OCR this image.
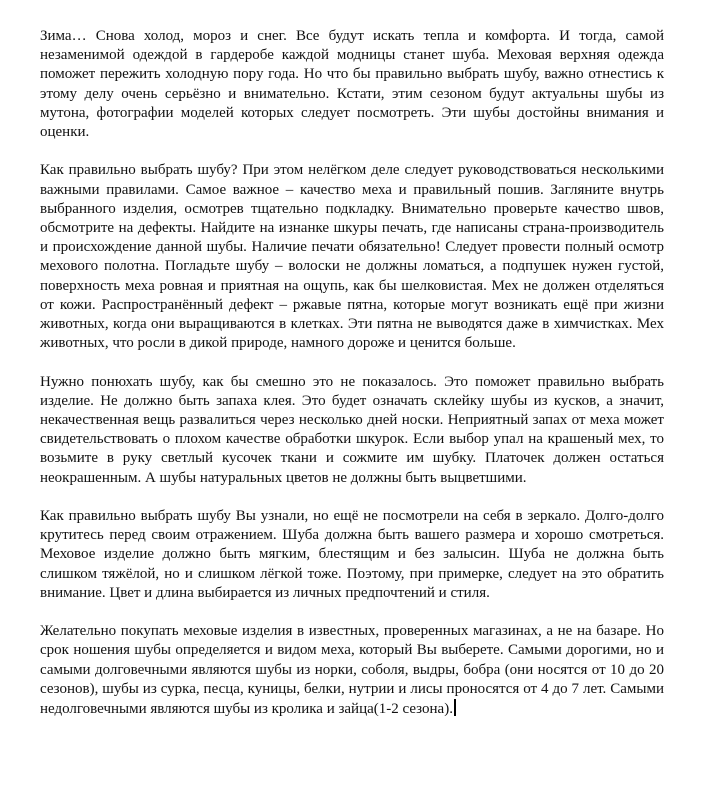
Зима… Снова холод, мороз и снег. Все будут искать тепла и комфорта. И тогда, самой незаменимой одеждой в гардеробе каждой модницы станет шуба. Меховая верхняя одежда поможет пережить холодную пору года. Но что бы правильно выбрать шубу, важно отнестись к этому делу очень серьёзно и внимательно. Кстати, этим сезоном будут актуальны шубы из мутона, фотографии моделей которых следует посмотреть. Эти шубы достойны внимания и оценки.

Как правильно выбрать шубу? При этом нелёгком деле следует руководствоваться несколькими важными правилами. Самое важное – качество меха и правильный пошив. Загляните внутрь выбранного изделия, осмотрев тщательно подкладку. Внимательно проверьте качество швов, обсмотрите на дефекты. Найдите на изнанке шкуры печать, где написаны страна-производитель и происхождение данной шубы. Наличие печати обязательно! Следует провести полный осмотр мехового полотна. Погладьте шубу – волоски не должны ломаться, а подпушек нужен густой, поверхность меха ровная и приятная на ощупь, как бы шелковистая. Мех не должен отделяться от кожи. Распространённый дефект – ржавые пятна, которые могут возникать ещё при жизни животных, когда они выращиваются в клетках. Эти пятна не выводятся даже в химчистках. Мех животных, что росли в дикой природе, намного дороже и ценится больше.

Нужно понюхать шубу, как бы смешно это не показалось. Это поможет правильно выбрать изделие. Не должно быть запаха клея. Это будет означать склейку шубы из кусков, а значит, некачественная вещь развалиться через несколько дней носки. Неприятный запах от меха может свидетельствовать о плохом качестве обработки шкурок. Если выбор упал на крашеный мех, то возьмите в руку светлый кусочек ткани и сожмите им шубку. Платочек должен остаться неокрашенным. А шубы натуральных цветов не должны быть выцветшими.

Как правильно выбрать шубу Вы узнали, но ещё не посмотрели на себя в зеркало. Долго-долго крутитесь перед своим отражением. Шуба должна быть вашего размера и хорошо смотреться. Меховое изделие должно быть мягким, блестящим и без залысин. Шуба не должна быть слишком тяжёлой, но и слишком лёгкой тоже. Поэтому, при примерке, следует на это обратить внимание. Цвет и длина выбирается из личных предпочтений и стиля.

Желательно покупать меховые изделия в известных, проверенных магазинах, а не на базаре. Но срок ношения шубы определяется и видом меха, который Вы выберете. Самыми дорогими, но и самыми долговечными являются шубы из норки, соболя, выдры, бобра (они носятся от 10 до 20 сезонов), шубы из сурка, песца, куницы, белки, нутрии и лисы проносятся от 4 до 7 лет. Самыми недолговечными являются шубы из кролика и зайца(1-2 сезона).
